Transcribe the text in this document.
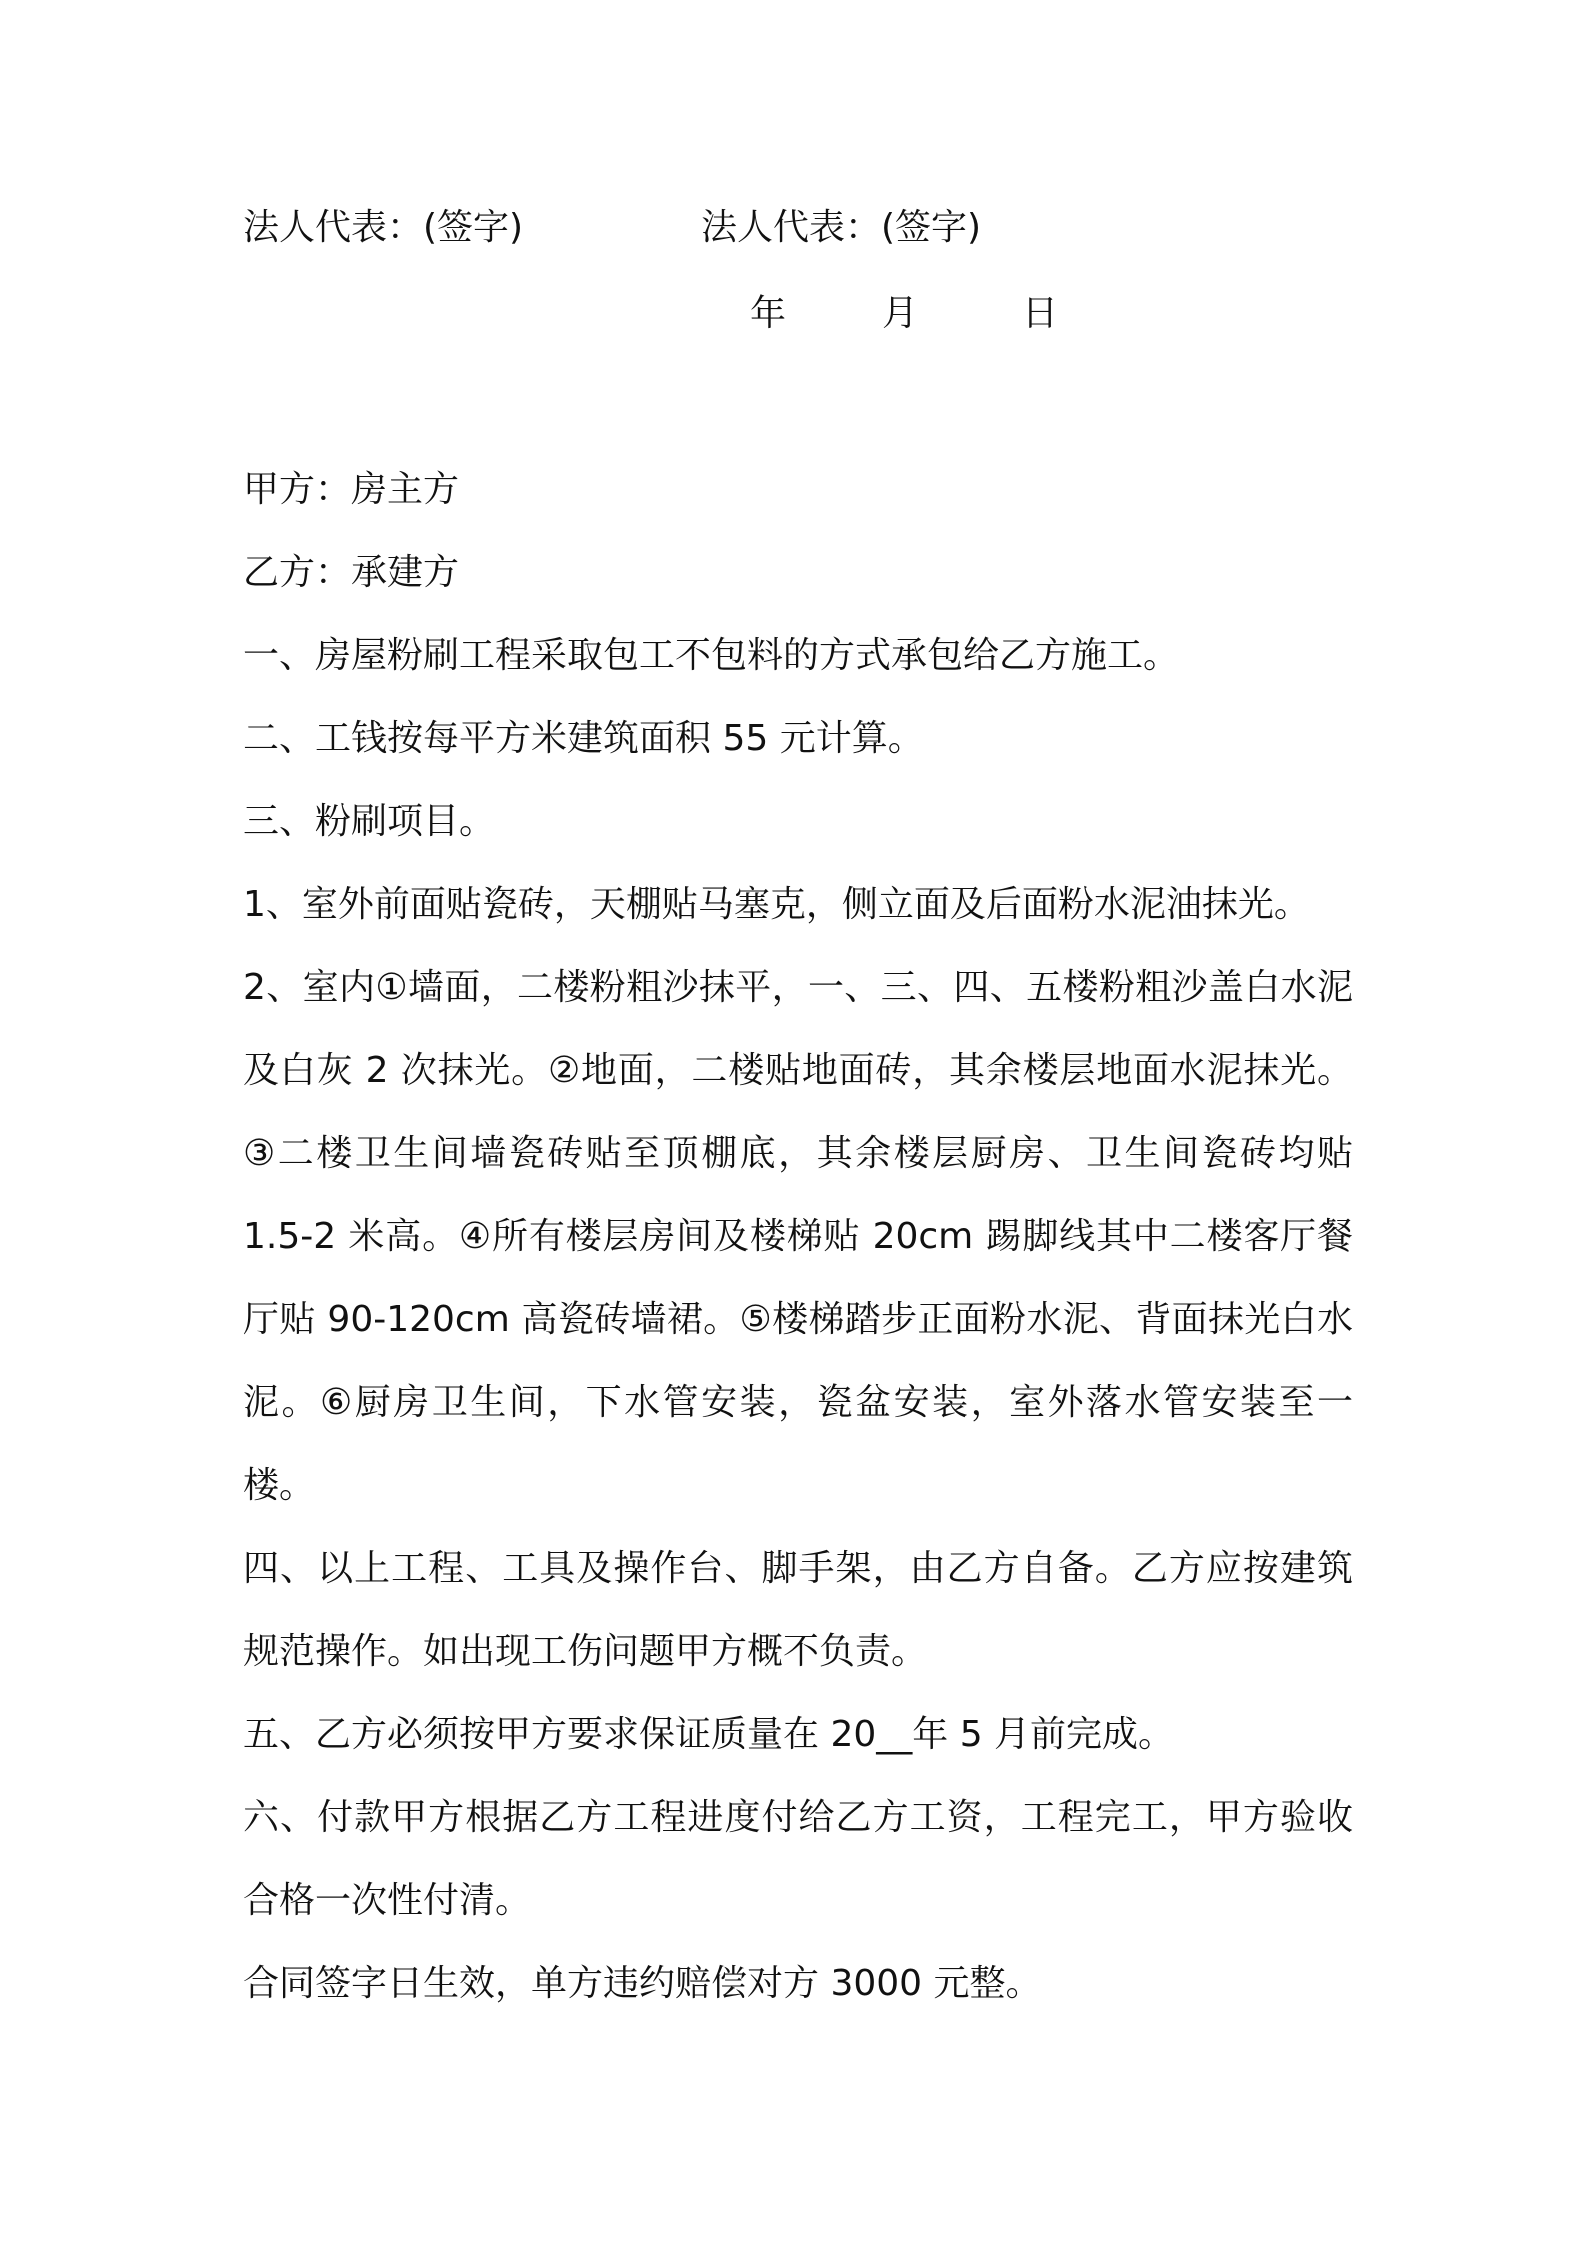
法人代表：(签字)	法人代表：(签字)
年	月	日

甲方：房主方

乙方：承建方

一、房屋粉刷工程采取包工不包料的方式承包给乙方施工。

二、工钱按每平方米建筑面积 55 元计算。

三、粉刷项目。

1、室外前面贴瓷砖，天棚贴马塞克，侧立面及后面粉水泥油抹光。

2、室内①墙面，二楼粉粗沙抹平，一、三、四、五楼粉粗沙盖白水泥及白灰 2 次抹光。②地面，二楼贴地面砖，其余楼层地面水泥抹光。③二楼卫生间墙瓷砖贴至顶棚底，其余楼层厨房、卫生间瓷砖均贴 1.5-2 米高。④所有楼层房间及楼梯贴 20cm 踢脚线其中二楼客厅餐厅贴 90-120cm 高瓷砖墙裙。⑤楼梯踏步正面粉水泥、背面抹光白水泥。⑥厨房卫生间，下水管安装，瓷盆安装，室外落水管安装至一楼。

四、以上工程、工具及操作台、脚手架，由乙方自备。乙方应按建筑规范操作。如出现工伤问题甲方概不负责。

五、乙方必须按甲方要求保证质量在 20__年 5 月前完成。

六、付款甲方根据乙方工程进度付给乙方工资，工程完工，甲方验收合格一次性付清。

合同签字日生效，单方违约赔偿对方 3000 元整。
